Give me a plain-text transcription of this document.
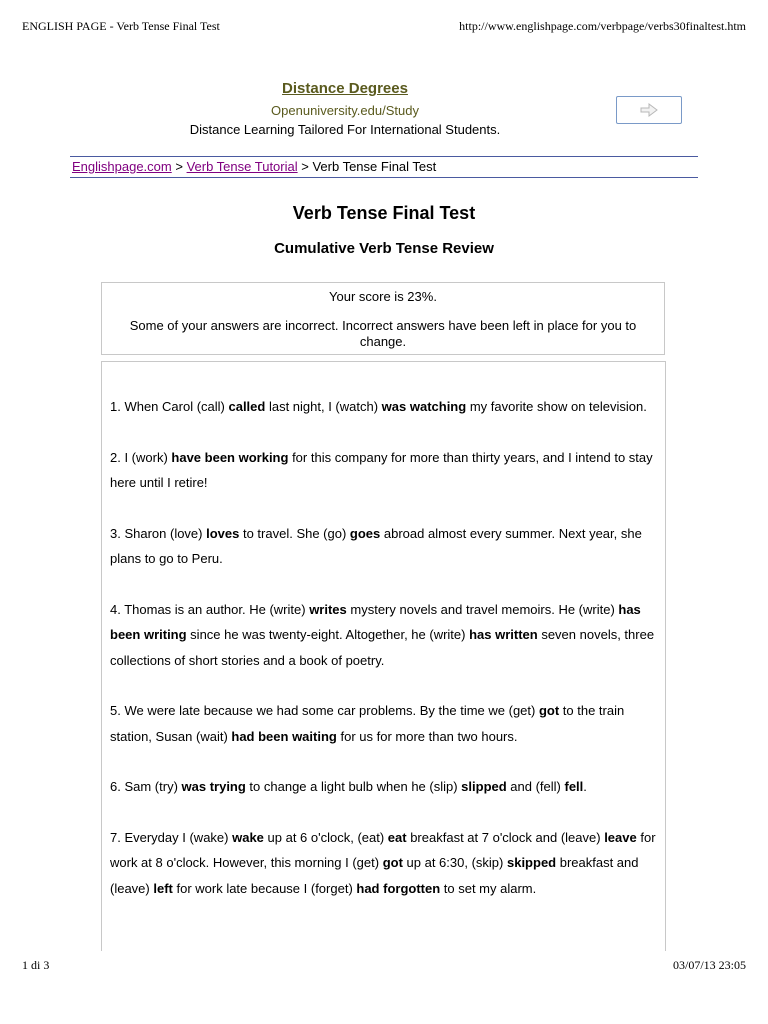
ENGLISH PAGE - Verb Tense Final Test	http://www.englishpage.com/verbpage/verbs30finaltest.htm
Distance Degrees
Openuniversity.edu/Study
Distance Learning Tailored For International Students.
Englishpage.com > Verb Tense Tutorial > Verb Tense Final Test
Verb Tense Final Test
Cumulative Verb Tense Review

Your score is 23%.

Some of your answers are incorrect. Incorrect answers have been left in place for you to change.

1. When Carol (call) called last night, I (watch) was watching my favorite show on television.

2. I (work) have been working for this company for more than thirty years, and I intend to stay here until I retire!

3. Sharon (love) loves to travel. She (go) goes abroad almost every summer. Next year, she plans to go to Peru.

4. Thomas is an author. He (write) writes mystery novels and travel memoirs. He (write) has been writing since he was twenty-eight. Altogether, he (write) has written seven novels, three collections of short stories and a book of poetry.

5. We were late because we had some car problems. By the time we (get) got to the train station, Susan (wait) had been waiting for us for more than two hours.

6. Sam (try) was trying to change a light bulb when he (slip) slipped and (fell) fell.

7. Everyday I (wake) wake up at 6 o'clock, (eat) eat breakfast at 7 o'clock and (leave) leave for work at 8 o'clock. However, this morning I (get) got up at 6:30, (skip) skipped breakfast and (leave) left for work late because I (forget) had forgotten to set my alarm.

1 di 3	03/07/13 23:05
